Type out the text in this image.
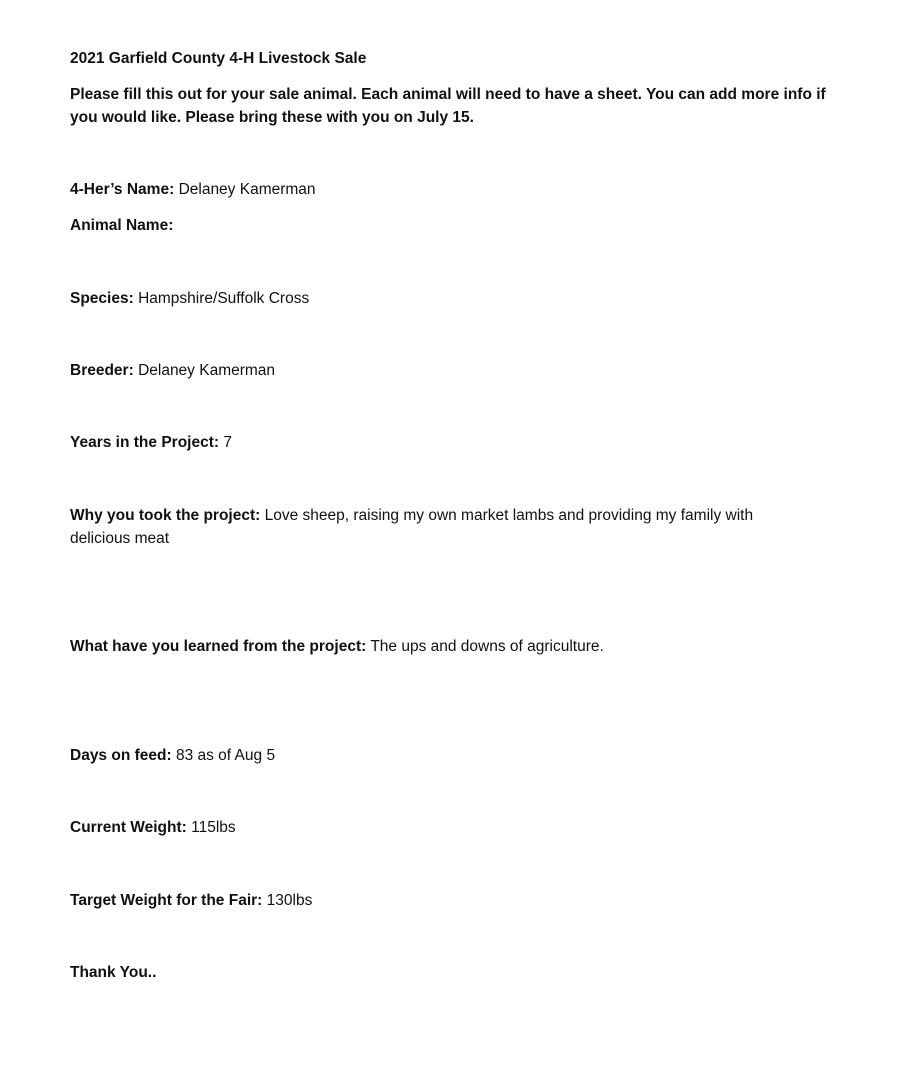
2021 Garfield County 4-H Livestock Sale
Please fill this out for your sale animal. Each animal will need to have a sheet. You can add more info if you would like. Please bring these with you on July 15.
4-Her’s Name: Delaney Kamerman
Animal Name:
Species: Hampshire/Suffolk Cross
Breeder: Delaney Kamerman
Years in the Project: 7
Why you took the project: Love sheep, raising my own market lambs and providing my family with delicious meat
What have you learned from the project: The ups and downs of agriculture.
Days on feed: 83 as of Aug 5
Current Weight: 115lbs
Target Weight for the Fair: 130lbs
Thank You..
